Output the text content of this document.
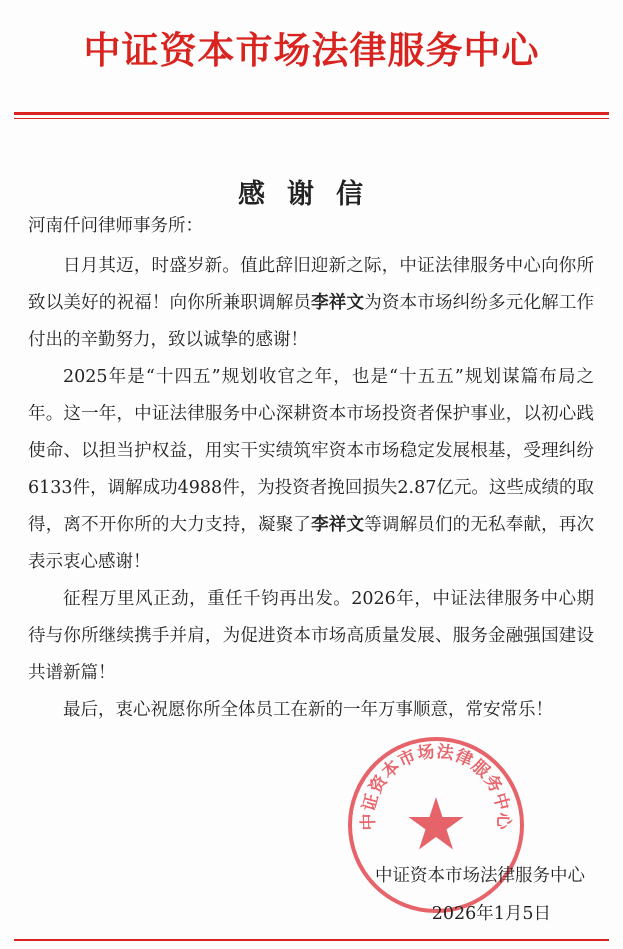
中证资本市场法律服务中心
感谢信
河南仟问律师事务所：

日月其迈，时盛岁新。值此辞旧迎新之际，中证法律服务中心向你所致以美好的祝福！向你所兼职调解员李祥文为资本市场纠纷多元化解工作付出的辛勤努力，致以诚挚的感谢！

2025年是“十四五”规划收官之年，也是“十五五”规划谋篇布局之年。这一年，中证法律服务中心深耕资本市场投资者保护事业，以初心践使命、以担当护权益，用实干实绩筑牢资本市场稳定发展根基，受理纠纷6133件，调解成功4988件，为投资者挽回损失2.87亿元。这些成绩的取得，离不开你所的大力支持，凝聚了李祥文等调解员们的无私奉献，再次表示衷心感谢！

征程万里风正劲，重任千钧再出发。2026年，中证法律服务中心期待与你所继续携手并肩，为促进资本市场高质量发展、服务金融强国建设共谱新篇！

最后，衷心祝愿你所全体员工在新的一年万事顺意，常安常乐！

中证资本市场法律服务中心
中证资本市场法律服务中心
2026年1月5日
